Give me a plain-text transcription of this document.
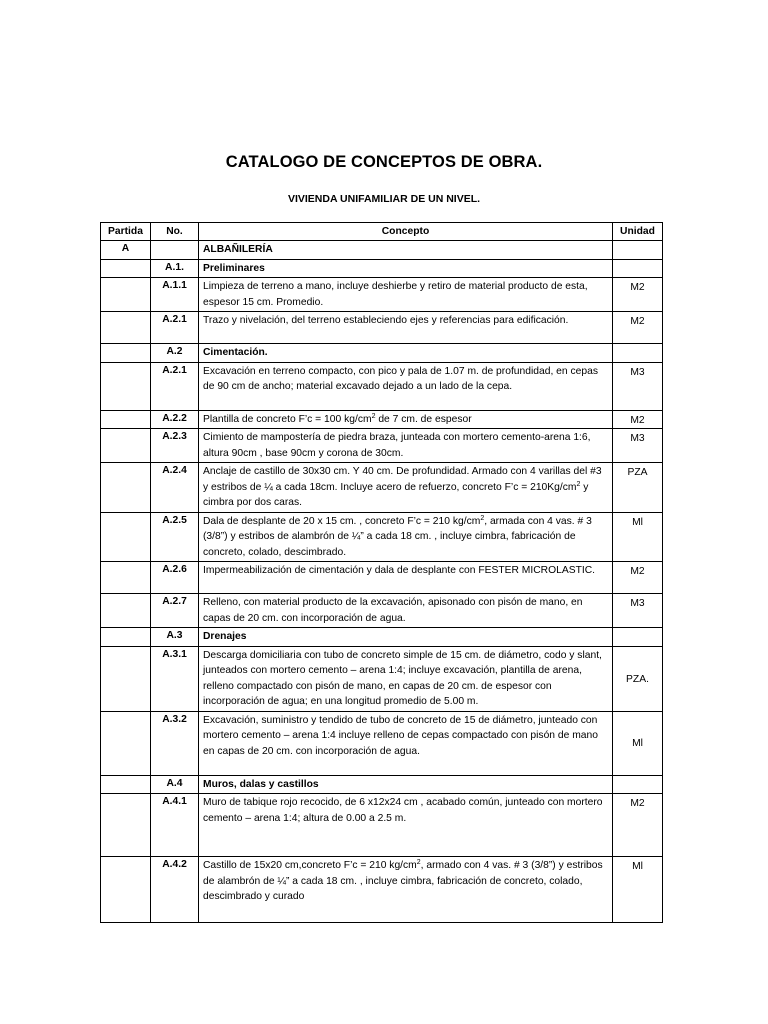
CATALOGO DE CONCEPTOS DE OBRA.
VIVIENDA UNIFAMILIAR DE UN NIVEL.
Partida	No.	Concepto	Unidad
A		ALBAÑILERÍA	
	A.1.	Preliminares	
	A.1.1	Limpieza de terreno a mano, incluye deshierbe y retiro de material producto de esta, espesor 15 cm. Promedio.	M2
	A.2.1	Trazo y nivelación, del terreno estableciendo ejes y referencias para edificación.	M2
	A.2	Cimentación.	
	A.2.1	Excavación en terreno compacto, con pico y pala de 1.07 m. de profundidad, en cepas de 90 cm de ancho; material excavado dejado a un lado de la cepa.	M3
	A.2.2	Plantilla de concreto F’c = 100 $kg/cm^2$ de 7 cm. de espesor	M2
	A.2.3	Cimiento de mampostería de piedra braza, junteada con mortero cemento-arena 1:6, altura 90cm , base 90cm y corona de 30cm.	M3
	A.2.4	Anclaje de castillo de 30x30 cm. Y 40 cm. De profundidad. Armado con 4 varillas del #3 y estribos de ¼ a cada 18cm. Incluye acero de refuerzo, concreto F’c = $210Kg/cm^2$ y cimbra por dos caras.	PZA
	A.2.5	Dala de desplante de 20 x 15 cm. , concreto F’c = 210 $kg/cm^2$, armada con 4 vas. # 3 (3/8”) y estribos de alambrón de ¼” a cada 18 cm. , incluye cimbra, fabricación de concreto, colado, descimbrado.	Ml
	A.2.6	Impermeabilización de cimentación y dala de desplante con FESTER MICROLASTIC.	M2
	A.2.7	Relleno, con material producto de la excavación, apisonado con pisón de mano, en capas de 20 cm. con incorporación de agua.	M3
	A.3	Drenajes	
	A.3.1	Descarga domiciliaria con tubo de concreto simple de 15 cm. de diámetro, codo y slant, junteados con mortero cemento – arena 1:4; incluye excavación, plantilla de arena, relleno compactado con pisón de mano, en capas de 20 cm. de espesor con incorporación de agua; en una longitud promedio de 5.00 m.	PZA.
	A.3.2	Excavación, suministro y tendido de tubo de concreto de 15 de diámetro, junteado con mortero cemento – arena 1:4 incluye relleno de cepas compactado con pisón de mano en capas de 20 cm. con incorporación de agua.	Ml
	A.4	Muros, dalas y castillos	
	A.4.1	Muro de tabique rojo recocido, de 6 x12x24 cm , acabado común, junteado con mortero cemento – arena 1:4; altura de 0.00 a 2.5 m.	M2
	A.4.2	Castillo de 15x20 cm,concreto F’c = 210 $kg/cm^2$, armado con 4 vas. # 3 (3/8”) y estribos de alambrón de ¼” a cada 18 cm. , incluye cimbra, fabricación de concreto, colado, descimbrado y curado	Ml
